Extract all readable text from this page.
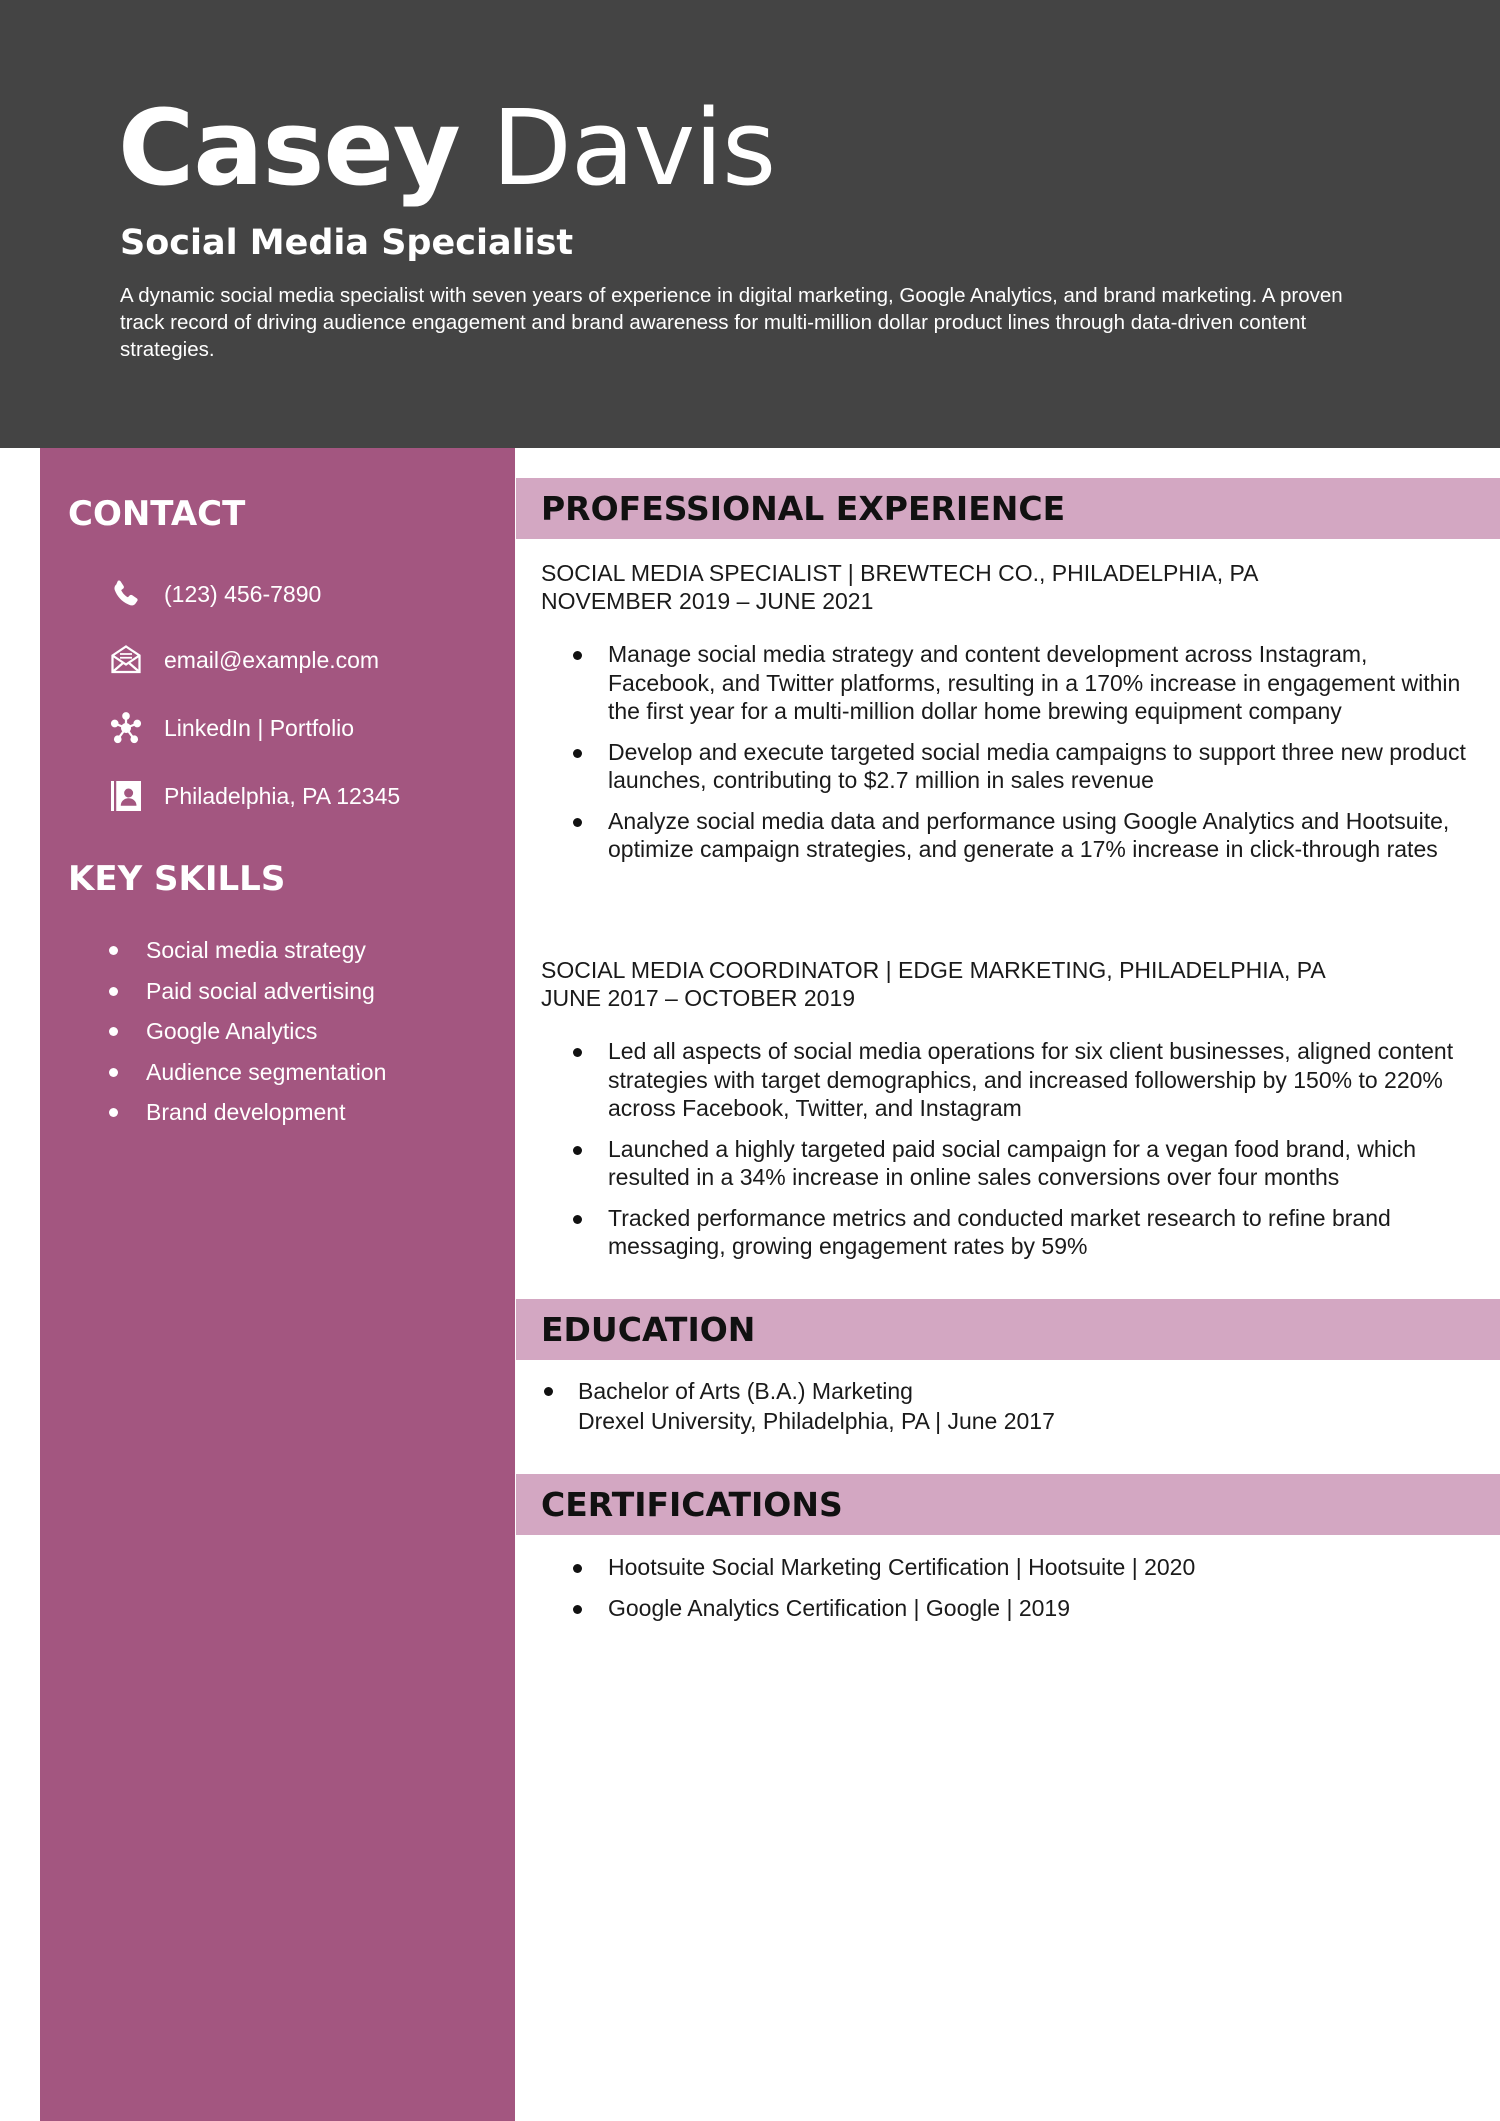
Casey Davis
Social Media Specialist

A dynamic social media specialist with seven years of experience in digital marketing, Google Analytics, and brand marketing. A proven track record of driving audience engagement and brand awareness for multi-million dollar product lines through data-driven content strategies.

CONTACT
(123) 456-7890
email@example.com
LinkedIn | Portfolio
Philadelphia, PA 12345
KEY SKILLS
Social media strategy
Paid social advertising
Google Analytics
Audience segmentation
Brand development
PROFESSIONAL EXPERIENCE
SOCIAL MEDIA SPECIALIST | BREWTECH CO., PHILADELPHIA, PA
NOVEMBER 2019 – JUNE 2021
Manage social media strategy and content development across Instagram, Facebook, and Twitter platforms, resulting in a 170% increase in engagement within the first year for a multi-million dollar home brewing equipment company
Develop and execute targeted social media campaigns to support three new product launches, contributing to $2.7 million in sales revenue
Analyze social media data and performance using Google Analytics and Hootsuite, optimize campaign strategies, and generate a 17% increase in click-through rates
SOCIAL MEDIA COORDINATOR | EDGE MARKETING, PHILADELPHIA, PA
JUNE 2017 – OCTOBER 2019
Led all aspects of social media operations for six client businesses, aligned content strategies with target demographics, and increased followership by 150% to 220% across Facebook, Twitter, and Instagram
Launched a highly targeted paid social campaign for a vegan food brand, which resulted in a 34% increase in online sales conversions over four months
Tracked performance metrics and conducted market research to refine brand messaging, growing engagement rates by 59%
EDUCATION
Bachelor of Arts (B.A.) Marketing
Drexel University, Philadelphia, PA | June 2017
CERTIFICATIONS
Hootsuite Social Marketing Certification | Hootsuite | 2020
Google Analytics Certification | Google | 2019
